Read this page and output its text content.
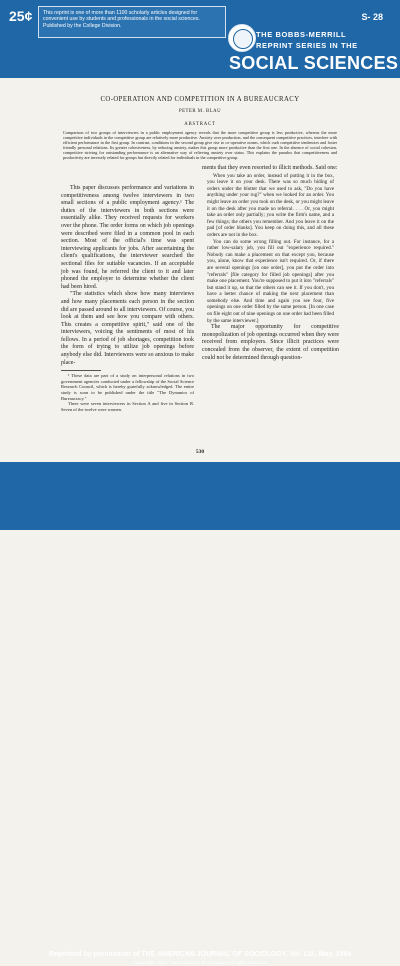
25¢ This reprint is one of more than 1100 scholarly articles designed for convenient use by students and professionals in the social sciences. Published by the College Division.
S- 28
THE BOBBS-MERRILL
REPRINT SERIES IN THE
SOCIAL SCIENCES
CO-OPERATION AND COMPETITION IN A BUREAUCRACY
PETER M. BLAU
ABSTRACT
Comparison of two groups of interviewers in a public employment agency reveals that the more competitive group is less productive, whereas the more competitive individuals in the competitive group are relatively more productive. Anxiety over production, and the consequent competitive practices, interfere with efficient performance in the first group. In contrast, conditions in the second group give rise to co-operative norms, which curb competitive tendencies and foster friendly personal relations. Its greater cohesiveness, by reducing anxiety, makes this group more productive than the first one. In the absence of social cohesion, competitive striving for outstanding performance is an alternative way of relieving anxiety over status. This explains the paradox that competitiveness and productivity are inversely related for groups but directly related for individuals in the competitive group.

This paper discusses performance and variations in competitiveness among twelve interviewers in two small sections of a public employment agency.¹ The duties of the interviewers in both sections were essentially alike. They received requests for workers over the phone. The order forms on which job openings were described were filed in a common pool in each section. Most of the official's time was spent interviewing applicants for jobs. After ascertaining the client's qualifications, the interviewer searched the sectional files for suitable vacancies. If an acceptable job was found, he referred the client to it and later phoned the employer to determine whether the client had been hired.

"The statistics which show how many interviews and how many placements each person in the section did are passed around to all interviewers. Of course, you look at them and see how you compare with others. This creates a competitive spirit," said one of the interviewers, voicing the sentiments of most of his fellows. In a period of job shortages, competition took the form of trying to utilize job openings before anybody else did. Interviewers were so anxious to make place-

¹ These data are part of a study on interpersonal relations in two government agencies conducted under a fellowship of the Social Science Research Council, which is hereby gratefully acknowledged. The entire study is soon to be published under the title "The Dynamics of Bureaucracy."

There were seven interviewers in Section A and five in Section B. Seven of the twelve were women.

ments that they even resorted to illicit methods. Said one:

When you take an order, instead of putting it in the box, you leave it on your desk. There was so much hiding of orders under the blotter that we used to ask, "Do you have anything under your rug?" when we looked for an order. You might leave an order you took on the desk, or you might leave it on the desk after you made no referral. . . . Or, you might take an order only partially; you write the firm's name, and a few things; the others you remember. And you leave it on the pad [of order blanks]. You keep on doing this, and all these orders are not in the box.

You can do some wrong filling out. For instance, for a rather low-salary job, you fill out "experience required." Nobody can make a placement on that except you, because you, alone, know that experience isn't required. Or, if there are several openings [on one order], you put the order into "referrals" [file category for filled job openings] after you make one placement. You're supposed to put it into "referrals" but stand it up, so that the others can see it. If you don't, you have a better chance of making the next placement than somebody else. And time and again you see four, five openings on one order filled by the same person. [In one case on file eight out of nine openings on one order had been filled by the same interviewer.]

The major opportunity for competitive monopolization of job openings occurred when they were received from employers. Since illicit practices were concealed from the observer, the extent of competition could not be determined through question-

530
Reprinted by permission of THE AMERICAN JOURNAL OF SOCIOLOGY, Vol. LIX, May, 1954
Copyright, 1954, The University of Chicago • All rights reserved
